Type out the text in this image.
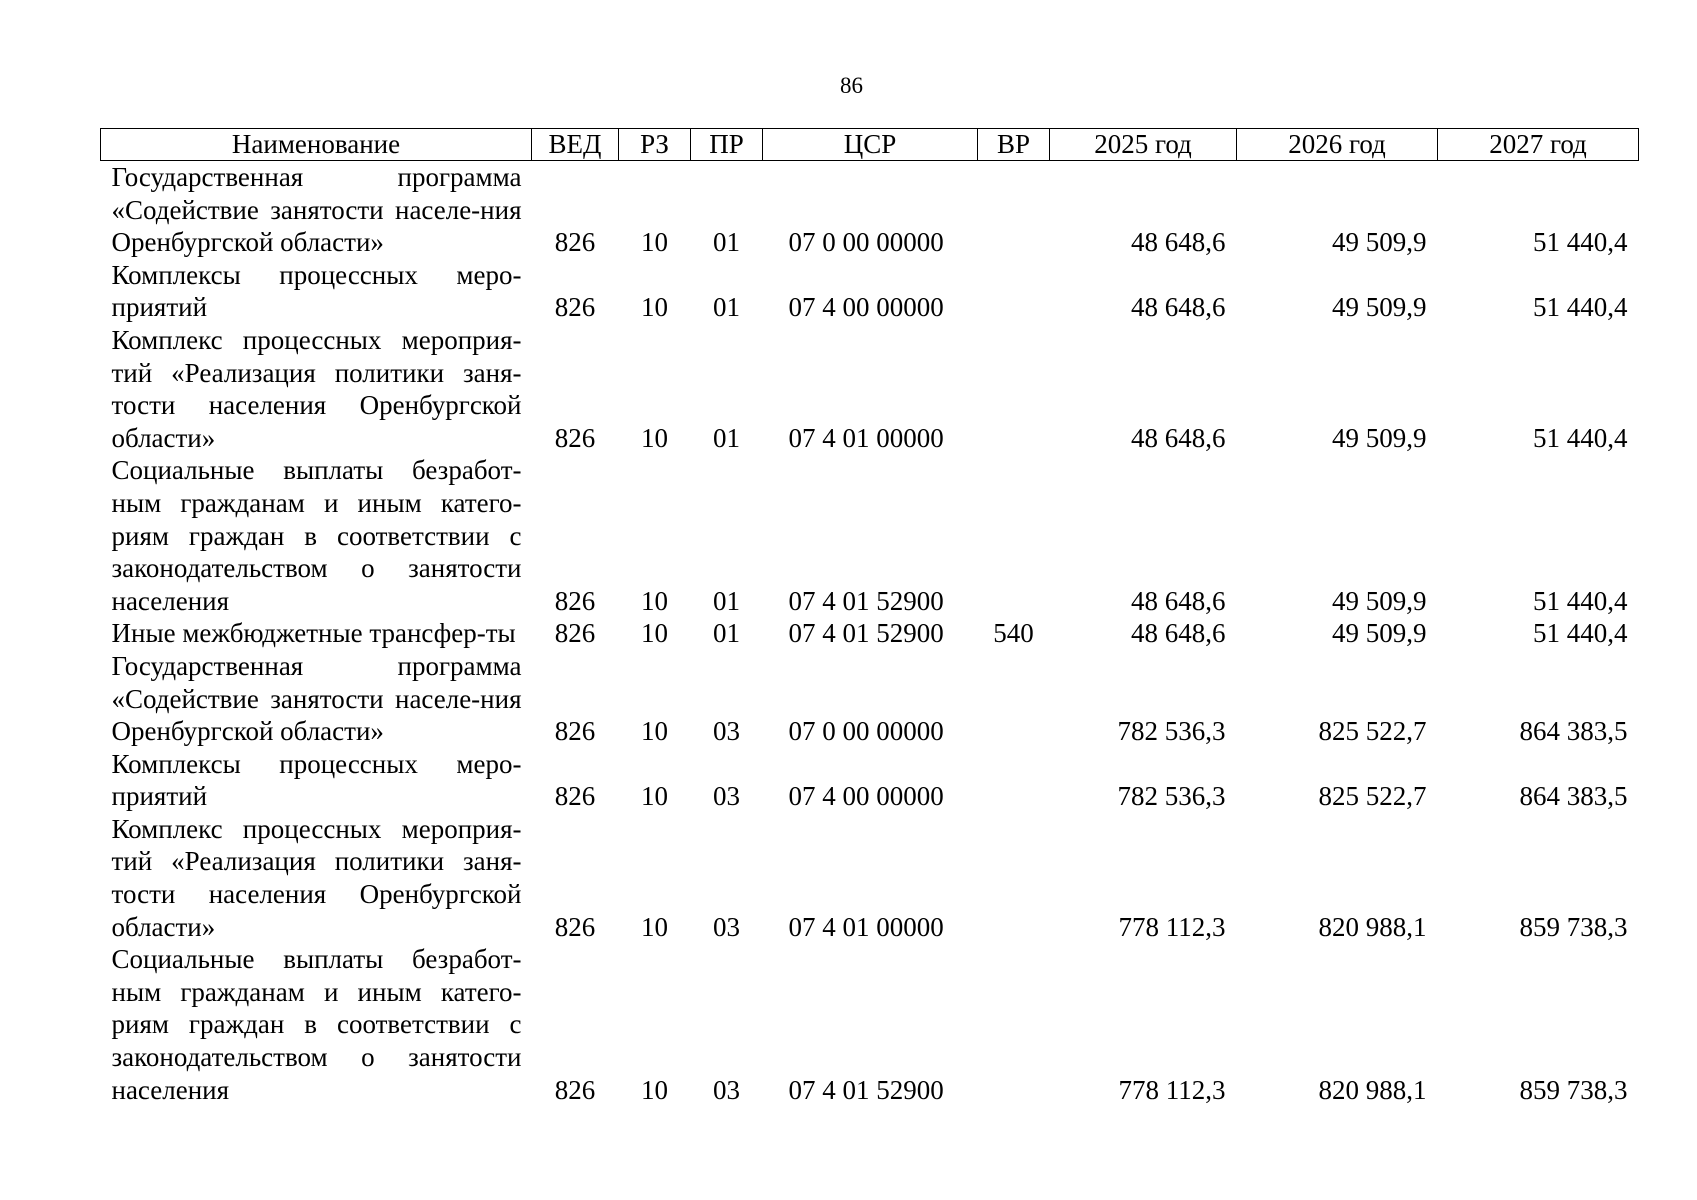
86
Наименование	ВЕД	РЗ	ПР	ЦСР	ВР	2025 год	2026 год	2027 год
Государственная программа «Содействие занятости населе-ния Оренбургской области»	826	10	01	07 0 00 00000		48 648,6	49 509,9	51 440,4
Комплексы процессных меро-приятий	826	10	01	07 4 00 00000		48 648,6	49 509,9	51 440,4
Комплекс процессных мероприя-тий «Реализация политики заня-тости населения Оренбургской области»	826	10	01	07 4 01 00000		48 648,6	49 509,9	51 440,4
Социальные выплаты безработ-ным гражданам и иным катего-риям граждан в соответствии с законодательством о занятости населения	826	10	01	07 4 01 52900		48 648,6	49 509,9	51 440,4
Иные межбюджетные трансфер-ты	826	10	01	07 4 01 52900	540	48 648,6	49 509,9	51 440,4
Государственная программа «Содействие занятости населе-ния Оренбургской области»	826	10	03	07 0 00 00000		782 536,3	825 522,7	864 383,5
Комплексы процессных меро-приятий	826	10	03	07 4 00 00000		782 536,3	825 522,7	864 383,5
Комплекс процессных мероприя-тий «Реализация политики заня-тости населения Оренбургской области»	826	10	03	07 4 01 00000		778 112,3	820 988,1	859 738,3
Социальные выплаты безработ-ным гражданам и иным катего-риям граждан в соответствии с законодательством о занятости населения	826	10	03	07 4 01 52900		778 112,3	820 988,1	859 738,3
